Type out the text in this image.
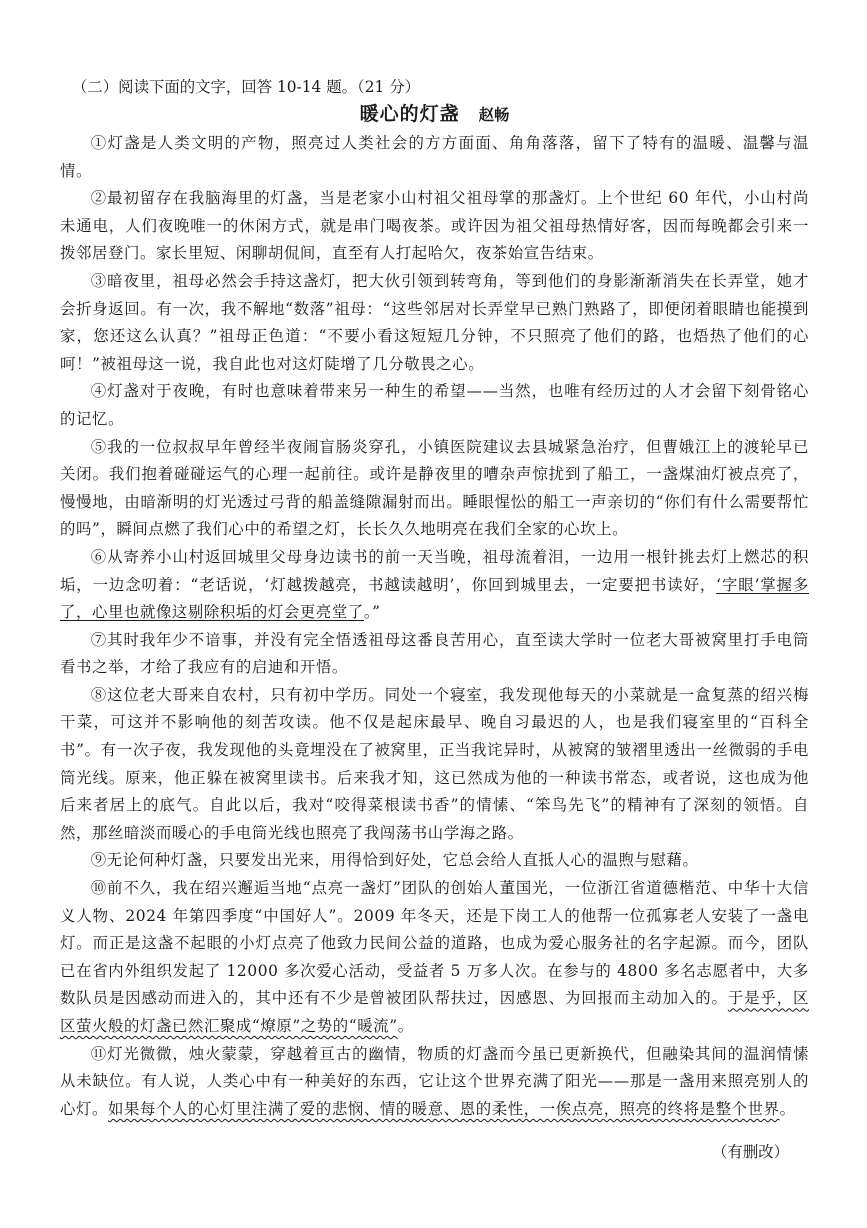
（二）阅读下面的文字，回答 10-14 题。（21 分）
暖心的灯盏 赵畅

①灯盏是人类文明的产物，照亮过人类社会的方方面面、角角落落，留下了特有的温暖、温馨与温情。

②最初留存在我脑海里的灯盏，当是老家小山村祖父祖母掌的那盏灯。上个世纪 60 年代，小山村尚未通电，人们夜晚唯一的休闲方式，就是串门喝夜茶。或许因为祖父祖母热情好客，因而每晚都会引来一拨邻居登门。家长里短、闲聊胡侃间，直至有人打起哈欠，夜茶始宣告结束。

③暗夜里，祖母必然会手持这盏灯，把大伙引领到转弯角，等到他们的身影渐渐消失在长弄堂，她才会折身返回。有一次，我不解地“数落”祖母：“这些邻居对长弄堂早已熟门熟路了，即便闭着眼睛也能摸到家，您还这么认真？”祖母正色道：“不要小看这短短几分钟，不只照亮了他们的路，也焐热了他们的心呵！”被祖母这一说，我自此也对这灯陡增了几分敬畏之心。

④灯盏对于夜晚，有时也意味着带来另一种生的希望——当然，也唯有经历过的人才会留下刻骨铭心的记忆。

⑤我的一位叔叔早年曾经半夜闹盲肠炎穿孔，小镇医院建议去县城紧急治疗，但曹娥江上的渡轮早已关闭。我们抱着碰碰运气的心理一起前往。或许是静夜里的嘈杂声惊扰到了船工，一盏煤油灯被点亮了，慢慢地，由暗渐明的灯光透过弓背的船盖缝隙漏射而出。睡眼惺忪的船工一声亲切的“你们有什么需要帮忙的吗”，瞬间点燃了我们心中的希望之灯，长长久久地明亮在我们全家的心坎上。

⑥从寄养小山村返回城里父母身边读书的前一天当晚，祖母流着泪，一边用一根针挑去灯上燃芯的积垢，一边念叨着：“老话说，‘灯越拨越亮，书越读越明’，你回到城里去，一定要把书读好，‘字眼’掌握多了，心里也就像这剔除积垢的灯会更亮堂了。”

⑦其时我年少不谙事，并没有完全悟透祖母这番良苦用心，直至读大学时一位老大哥被窝里打手电筒看书之举，才给了我应有的启迪和开悟。

⑧这位老大哥来自农村，只有初中学历。同处一个寝室，我发现他每天的小菜就是一盒复蒸的绍兴梅干菜，可这并不影响他的刻苦攻读。他不仅是起床最早、晚自习最迟的人，也是我们寝室里的“百科全书”。有一次子夜，我发现他的头竟埋没在了被窝里，正当我诧异时，从被窝的皱褶里透出一丝微弱的手电筒光线。原来，他正躲在被窝里读书。后来我才知，这已然成为他的一种读书常态，或者说，这也成为他后来者居上的底气。自此以后，我对“咬得菜根读书香”的情愫、“笨鸟先飞”的精神有了深刻的领悟。自然，那丝暗淡而暖心的手电筒光线也照亮了我闯荡书山学海之路。

⑨无论何种灯盏，只要发出光来，用得恰到好处，它总会给人直抵人心的温煦与慰藉。

⑩前不久，我在绍兴邂逅当地“点亮一盏灯”团队的创始人董国光，一位浙江省道德楷范、中华十大信义人物、2024 年第四季度“中国好人”。2009 年冬天，还是下岗工人的他帮一位孤寡老人安装了一盏电灯。而正是这盏不起眼的小灯点亮了他致力民间公益的道路，也成为爱心服务社的名字起源。而今，团队已在省内外组织发起了 12000 多次爱心活动，受益者 5 万多人次。在参与的 4800 多名志愿者中，大多数队员是因感动而进入的，其中还有不少是曾被团队帮扶过，因感恩、为回报而主动加入的。于是乎，区区萤火般的灯盏已然汇聚成“燎原”之势的“暖流”。

⑪灯光微微，烛火蒙蒙，穿越着亘古的幽情，物质的灯盏而今虽已更新换代，但融染其间的温润情愫从未缺位。有人说，人类心中有一种美好的东西，它让这个世界充满了阳光——那是一盏用来照亮别人的心灯。如果每个人的心灯里注满了爱的悲悯、情的暖意、恩的柔性，一俟点亮，照亮的终将是整个世界。

（有删改）
